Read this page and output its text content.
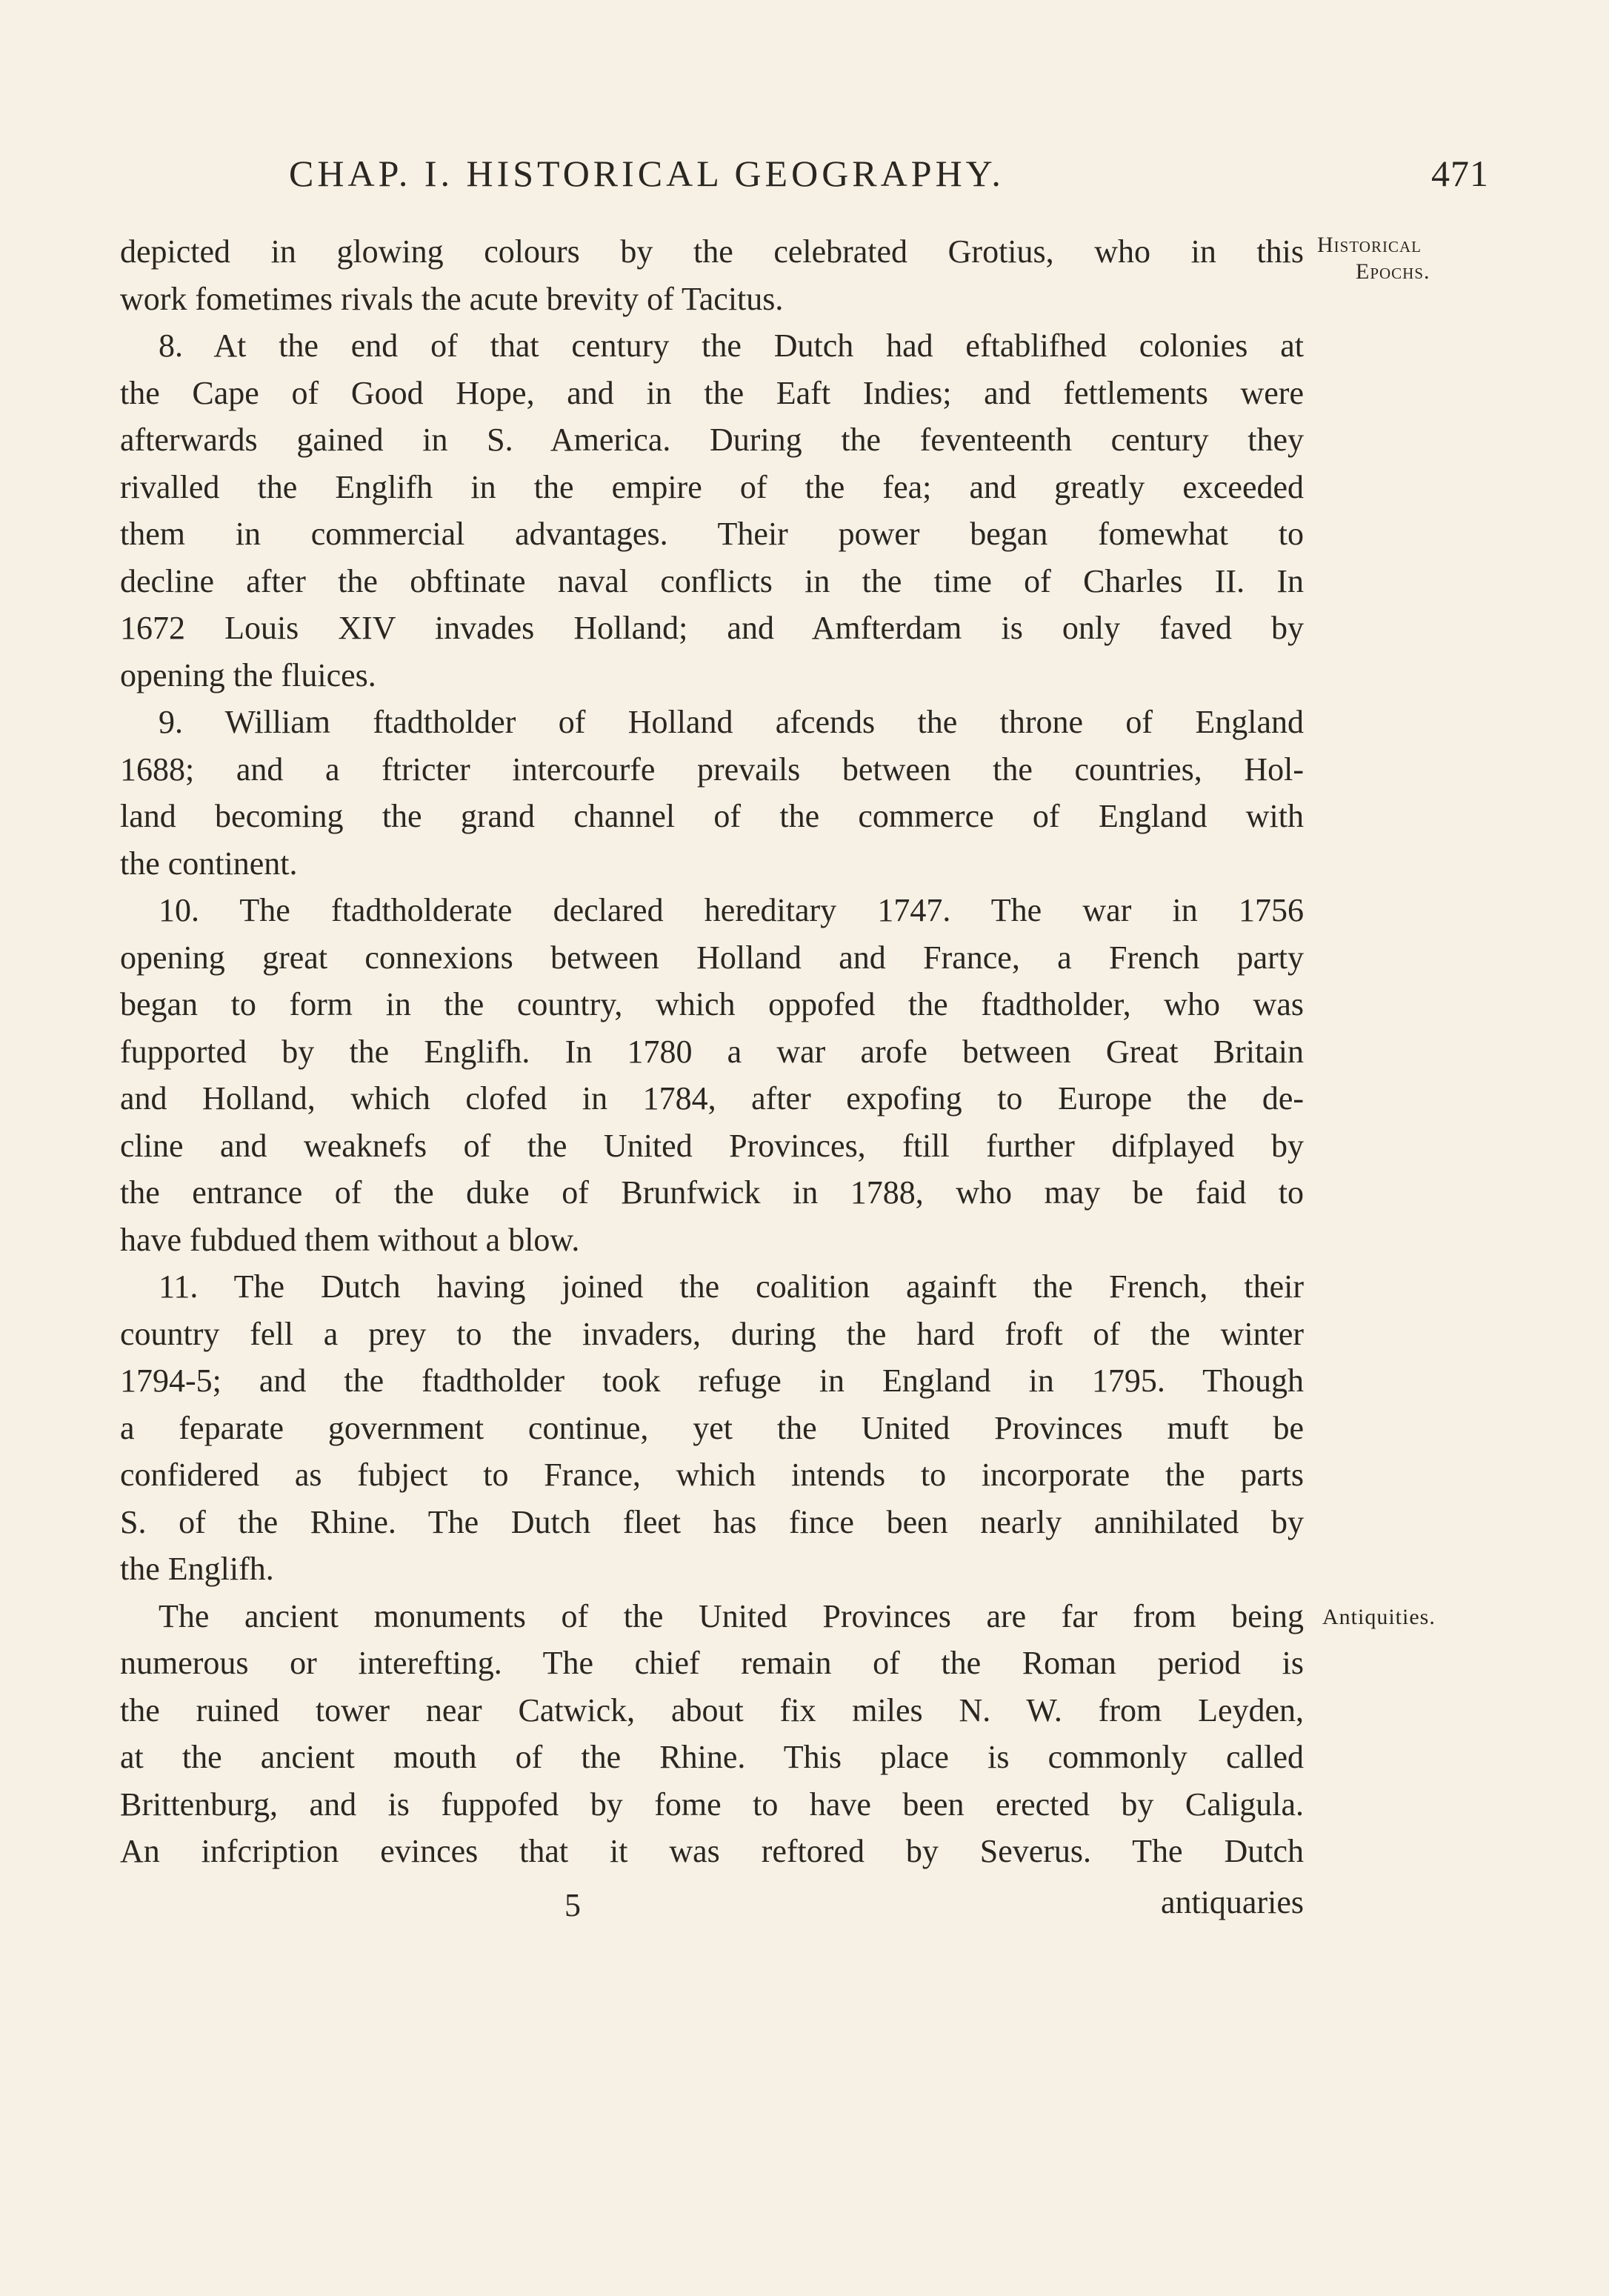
CHAP. I. HISTORICAL GEOGRAPHY.	471
Historical
Epochs.
Antiquities.
depicted in glowing colours by the celebrated Grotius, who in this
work fometimes rivals the acute brevity of Tacitus.
8. At the end of that century the Dutch had eftablifhed colonies at
the Cape of Good Hope, and in the Eaft Indies; and fettlements were
afterwards gained in S. America. During the feventeenth century they
rivalled the Englifh in the empire of the fea; and greatly exceeded
them in commercial advantages. Their power began fomewhat to
decline after the obftinate naval conflicts in the time of Charles II. In
1672 Louis XIV invades Holland; and Amfterdam is only faved by
opening the fluices.
9. William ftadtholder of Holland afcends the throne of England
1688; and a ftricter intercourfe prevails between the countries, Hol-
land becoming the grand channel of the commerce of England with
the continent.
10. The ftadtholderate declared hereditary 1747. The war in 1756
opening great connexions between Holland and France, a French party
began to form in the country, which oppofed the ftadtholder, who was
fupported by the Englifh. In 1780 a war arofe between Great Britain
and Holland, which clofed in 1784, after expofing to Europe the de-
cline and weaknefs of the United Provinces, ftill further difplayed by
the entrance of the duke of Brunfwick in 1788, who may be faid to
have fubdued them without a blow.
11. The Dutch having joined the coalition againft the French, their
country fell a prey to the invaders, during the hard froft of the winter
1794-5; and the ftadtholder took refuge in England in 1795. Though
a feparate government continue, yet the United Provinces muft be
confidered as fubject to France, which intends to incorporate the parts
S. of the Rhine. The Dutch fleet has fince been nearly annihilated by
the Englifh.
The ancient monuments of the United Provinces are far from being
numerous or interefting. The chief remain of the Roman period is
the ruined tower near Catwick, about fix miles N. W. from Leyden,
at the ancient mouth of the Rhine. This place is commonly called
Brittenburg, and is fuppofed by fome to have been erected by Caligula.
An infcription evinces that it was reftored by Severus. The Dutch
5	antiquaries
